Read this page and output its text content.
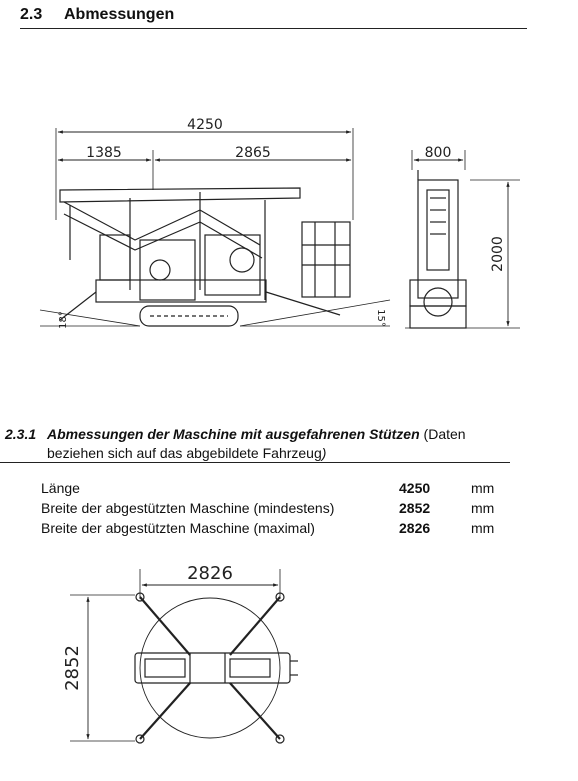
2.3 Abmessungen
4250
1385	2865
18°	15°
800
2000
2.3.1 Abmessungen der Maschine mit ausgefahrenen Stützen (Daten
beziehen sich auf das abgebildete Fahrzeug)
Länge	4250	mm
Breite der abgestützten Maschine (mindestens)	2852	mm
Breite der abgestützten Maschine (maximal)	2826	mm
2826
2852
